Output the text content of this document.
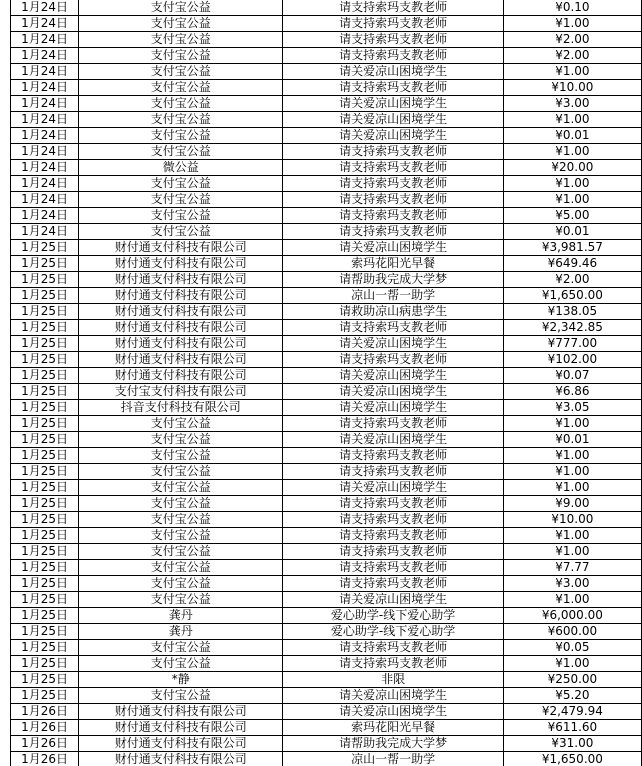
1月24日	支付宝公益	请支持索玛支教老师	¥0.10
1月24日	支付宝公益	请支持索玛支教老师	¥1.00
1月24日	支付宝公益	请支持索玛支教老师	¥2.00
1月24日	支付宝公益	请支持索玛支教老师	¥2.00
1月24日	支付宝公益	请关爱凉山困境学生	¥1.00
1月24日	支付宝公益	请支持索玛支教老师	¥10.00
1月24日	支付宝公益	请关爱凉山困境学生	¥3.00
1月24日	支付宝公益	请关爱凉山困境学生	¥1.00
1月24日	支付宝公益	请关爱凉山困境学生	¥0.01
1月24日	支付宝公益	请支持索玛支教老师	¥1.00
1月24日	微公益	请支持索玛支教老师	¥20.00
1月24日	支付宝公益	请支持索玛支教老师	¥1.00
1月24日	支付宝公益	请支持索玛支教老师	¥1.00
1月24日	支付宝公益	请支持索玛支教老师	¥5.00
1月24日	支付宝公益	请支持索玛支教老师	¥0.01
1月25日	财付通支付科技有限公司	请关爱凉山困境学生	¥3,981.57
1月25日	财付通支付科技有限公司	索玛花阳光早餐	¥649.46
1月25日	财付通支付科技有限公司	请帮助我完成大学梦	¥2.00
1月25日	财付通支付科技有限公司	凉山一帮一助学	¥1,650.00
1月25日	财付通支付科技有限公司	请救助凉山病患学生	¥138.05
1月25日	财付通支付科技有限公司	请支持索玛支教老师	¥2,342.85
1月25日	财付通支付科技有限公司	请关爱凉山困境学生	¥777.00
1月25日	财付通支付科技有限公司	请支持索玛支教老师	¥102.00
1月25日	财付通支付科技有限公司	请关爱凉山困境学生	¥0.07
1月25日	支付宝支付科技有限公司	请关爱凉山困境学生	¥6.86
1月25日	抖音支付科技有限公司	请关爱凉山困境学生	¥3.05
1月25日	支付宝公益	请支持索玛支教老师	¥1.00
1月25日	支付宝公益	请关爱凉山困境学生	¥0.01
1月25日	支付宝公益	请支持索玛支教老师	¥1.00
1月25日	支付宝公益	请支持索玛支教老师	¥1.00
1月25日	支付宝公益	请关爱凉山困境学生	¥1.00
1月25日	支付宝公益	请支持索玛支教老师	¥9.00
1月25日	支付宝公益	请支持索玛支教老师	¥10.00
1月25日	支付宝公益	请支持索玛支教老师	¥1.00
1月25日	支付宝公益	请支持索玛支教老师	¥1.00
1月25日	支付宝公益	请支持索玛支教老师	¥7.77
1月25日	支付宝公益	请支持索玛支教老师	¥3.00
1月25日	支付宝公益	请关爱凉山困境学生	¥1.00
1月25日	龚丹	爱心助学-线下爱心助学	¥6,000.00
1月25日	龚丹	爱心助学-线下爱心助学	¥600.00
1月25日	支付宝公益	请支持索玛支教老师	¥0.05
1月25日	支付宝公益	请支持索玛支教老师	¥1.00
1月25日	*静	非限	¥250.00
1月25日	支付宝公益	请关爱凉山困境学生	¥5.20
1月26日	财付通支付科技有限公司	请关爱凉山困境学生	¥2,479.94
1月26日	财付通支付科技有限公司	索玛花阳光早餐	¥611.60
1月26日	财付通支付科技有限公司	请帮助我完成大学梦	¥31.00
1月26日	财付通支付科技有限公司	凉山一帮一助学	¥1,650.00
